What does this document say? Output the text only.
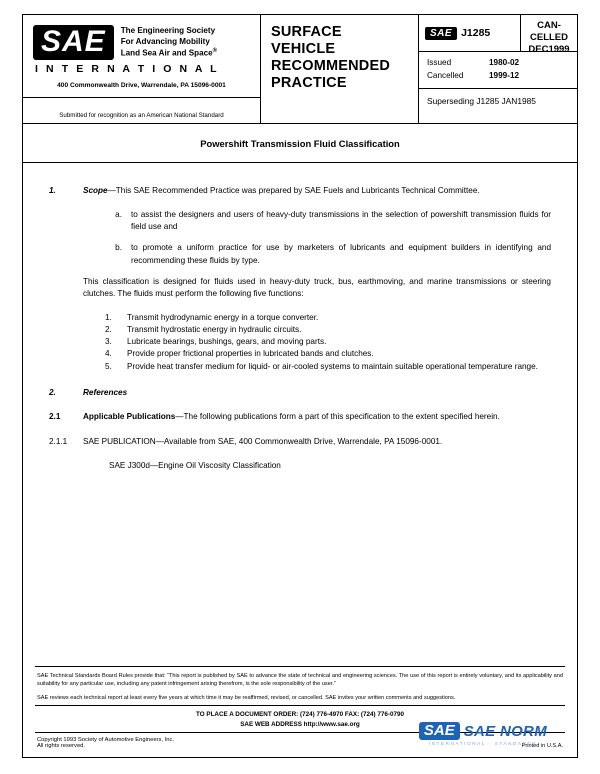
SAE	The Engineering Society
For Advancing Mobility
Land Sea Air and Space®
I N T E R N A T I O N A L
400 Commonwealth Drive, Warrendale, PA 15096-0001
Submitted for recognition as an American National Standard
SURFACE
VEHICLE
RECOMMENDED
PRACTICE
SAE J1285
CAN-
CELLED
DEC1999
Issued	1980-02
Cancelled	1999-12
Superseding J1285 JAN1985
Powershift Transmission Fluid Classification
1.	Scope—This SAE Recommended Practice was prepared by SAE Fuels and Lubricants Technical Committee.
a.	to assist the designers and users of heavy-duty transmissions in the selection of powershift transmission fluids for field use and
b.	to promote a uniform practice for use by marketers of lubricants and equipment builders in identifying and recommending these fluids by type.
This classification is designed for fluids used in heavy-duty truck, bus, earthmoving, and marine transmissions or steering clutches. The fluids must perform the following five functions:
1.	Transmit hydrodynamic energy in a torque converter.
2.	Transmit hydrostatic energy in hydraulic circuits.
3.	Lubricate bearings, bushings, gears, and moving parts.
4.	Provide proper frictional properties in lubricated bands and clutches.
5.	Provide heat transfer medium for liquid- or air-cooled systems to maintain suitable operational temperature range.
2.	References
2.1	Applicable Publications—The following publications form a part of this specification to the extent specified herein.
2.1.1	SAE PUBLICATION—Available from SAE, 400 Commonwealth Drive, Warrendale, PA 15096-0001.
SAE J300d—Engine Oil Viscosity Classification
SAE Technical Standards Board Rules provide that: “This report is published by SAE to advance the state of technical and engineering sciences. The use of this report is entirely voluntary, and its applicability and suitability for any particular use, including any patent infringement arising therefrom, is the sole responsibility of the user.”
SAE reviews each technical report at least every five years at which time it may be reaffirmed, revised, or cancelled. SAE invites your written comments and suggestions.
TO PLACE A DOCUMENT ORDER: (724) 776-4970 FAX: (724) 776-0790
SAE WEB ADDRESS http://www.sae.org
Copyright 1993 Society of Automotive Engineers, Inc.
All rights reserved.	Printed in U.S.A.
SAE SAE NORM
INTERNATIONAL · STANDARDS
